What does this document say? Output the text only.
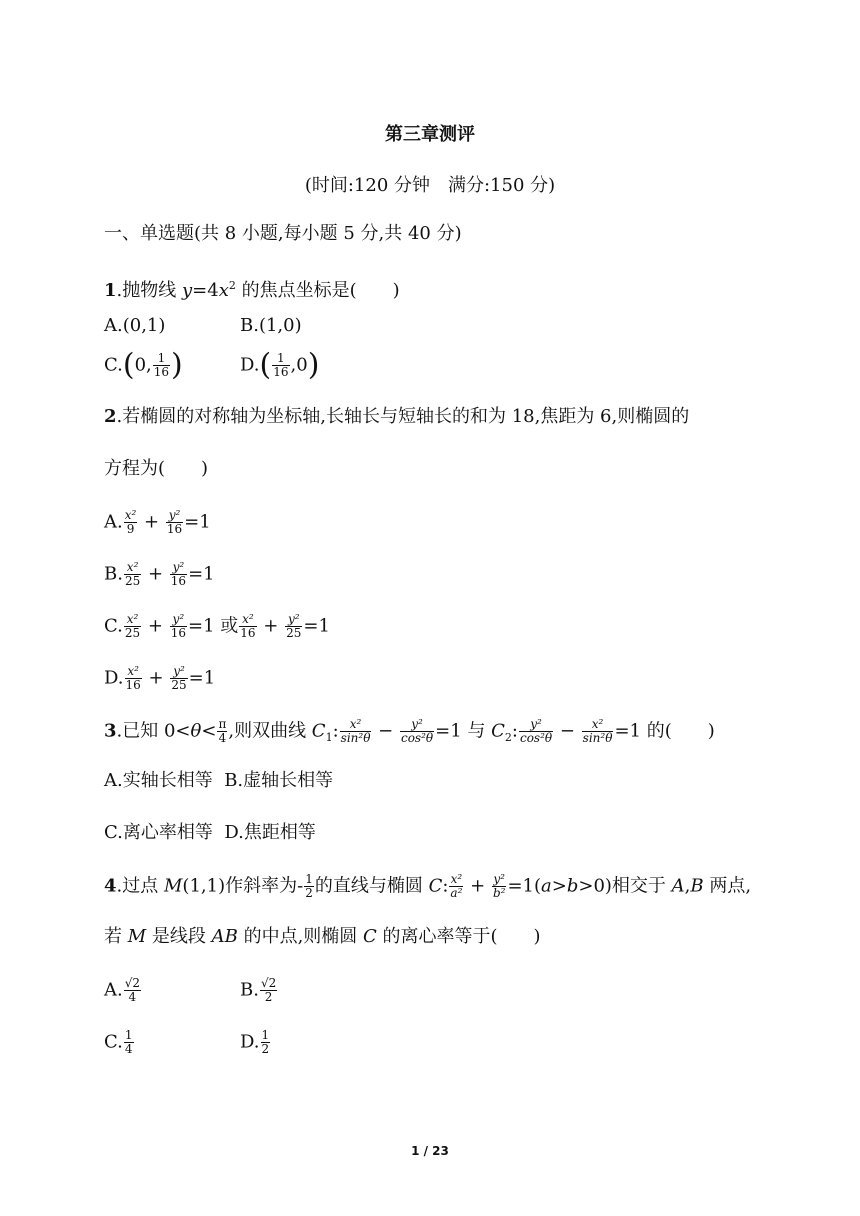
第三章测评
(时间:120 分钟　满分:150 分)
一、单选题(共 8 小题,每小题 5 分,共 40 分)
1.抛物线 $y=4x^2$ 的焦点坐标是(　　)
A.(0,1)	B.(1,0)
C.(0, $\frac{1}{16}$ )	$D.( \frac{1}{16} ,0)$
2.若椭圆的对称轴为坐标轴,长轴长与短轴长的和为 18,焦距为 6,则椭圆的
方程为(　　)
A. $\frac{\text{x²}}{9} + \frac{\text{y²}}{16} =1$
B. $\frac{\text{x²}}{25} + \frac{\text{y²}}{16} =1$
C. $\frac{\text{x²}}{25} + \frac{\text{y²}}{16} =1$ 或 $\frac{\text{x²}}{16} + \frac{\text{y²}}{25} =1$
D. $\frac{\text{x²}}{16} + \frac{\text{y²}}{25} =1$
3.已知 $0<\theta< \frac{\pi}{4}$ ,则双曲线 $C_1$: $\frac{\text{x²}}{\text{sin²θ}} - \frac{\text{y²}}{\text{cos²θ}} =1$ 与 $C_2$: $\frac{\text{y²}}{\text{cos²θ}} - \frac{\text{x²}}{\text{sin²θ}} =1$ 的(　　)
A.实轴长相等 B.虚轴长相等
C.离心率相等 D.焦距相等
4.过点 M(1,1)作斜率为- $\frac{1}{2}$ 的直线与椭圆 C: $\frac{\text{x²}}{\text{a²}} + \frac{\text{y²}}{\text{b²}} =1(a>b>0)$相交于 A,B 两点,
若 M 是线段 AB 的中点,则椭圆 C 的离心率等于(　　)
A. $\frac{√2}{4}$	B. $\frac{√2}{2}$
C. $\frac{1}{4}$	D. $\frac{1}{2}$
1 / 23
